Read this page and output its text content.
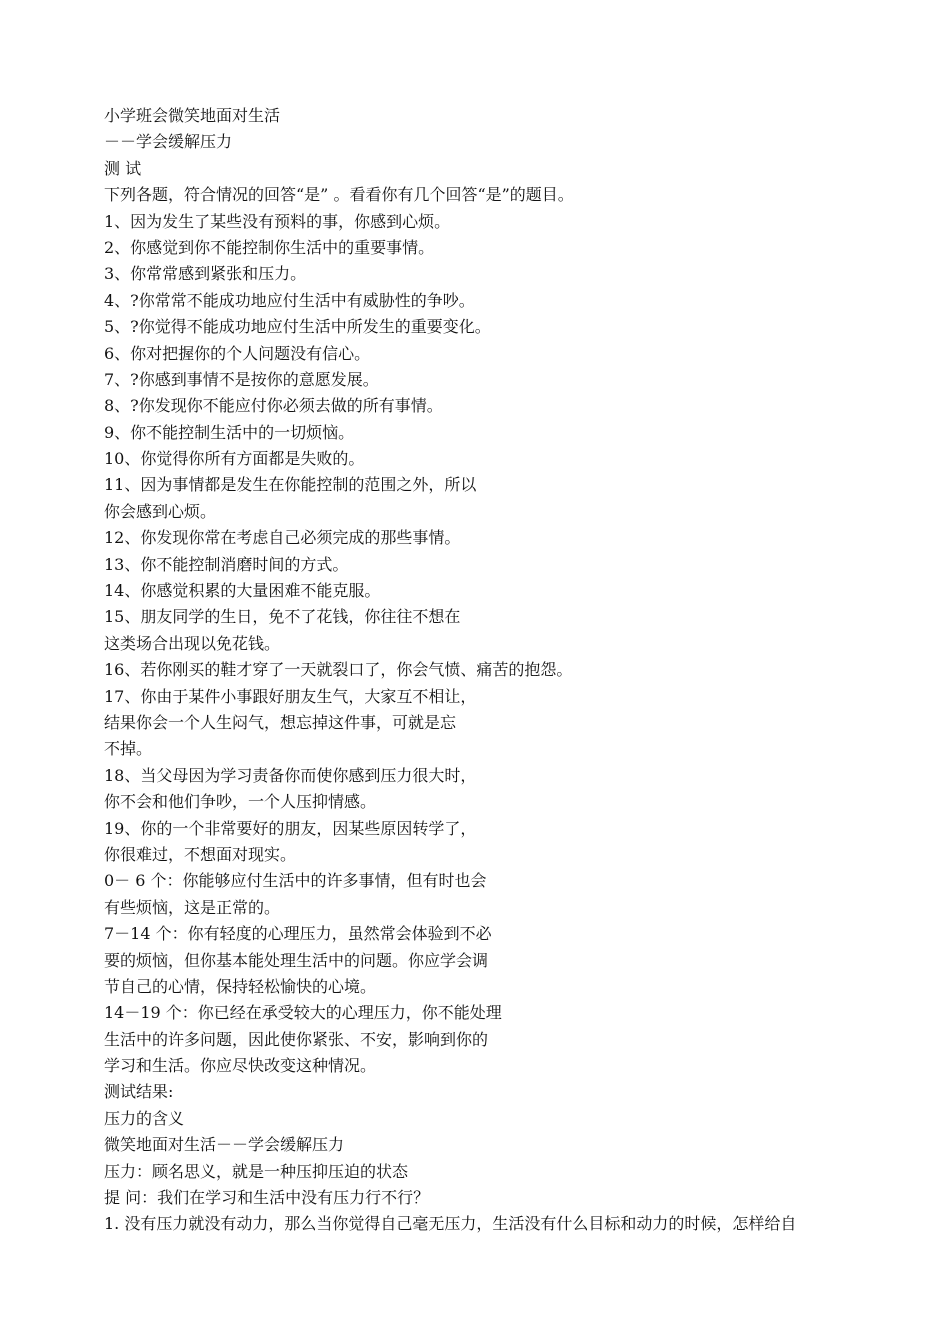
小学班会微笑地面对生活
－－学会缓解压力
测 试
下列各题，符合情况的回答“是” 。看看你有几个回答“是”的题目。
1、因为发生了某些没有预料的事，你感到心烦。
2、你感觉到你不能控制你生活中的重要事情。
3、你常常感到紧张和压力。
4、?你常常不能成功地应付生活中有威胁性的争吵。
5、?你觉得不能成功地应付生活中所发生的重要变化。
6、你对把握你的个人问题没有信心。
7、?你感到事情不是按你的意愿发展。
8、?你发现你不能应付你必须去做的所有事情。
9、你不能控制生活中的一切烦恼。
10、你觉得你所有方面都是失败的。
11、因为事情都是发生在你能控制的范围之外，所以
你会感到心烦。
12、你发现你常在考虑自己必须完成的那些事情。
13、你不能控制消磨时间的方式。
14、你感觉积累的大量困难不能克服。
15、朋友同学的生日，免不了花钱，你往往不想在
这类场合出现以免花钱。
16、若你刚买的鞋才穿了一天就裂口了，你会气愤、痛苦的抱怨。
17、你由于某件小事跟好朋友生气，大家互不相让，
结果你会一个人生闷气，想忘掉这件事，可就是忘
不掉。
18、当父母因为学习责备你而使你感到压力很大时，
你不会和他们争吵，一个人压抑情感。
19、你的一个非常要好的朋友，因某些原因转学了，
你很难过，不想面对现实。
0－ 6 个：你能够应付生活中的许多事情，但有时也会
有些烦恼，这是正常的。
7－14 个：你有轻度的心理压力，虽然常会体验到不必
要的烦恼，但你基本能处理生活中的问题。你应学会调
节自己的心情，保持轻松愉快的心境。
14－19 个：你已经在承受较大的心理压力，你不能处理
生活中的许多问题，因此使你紧张、不安，影响到你的
学习和生活。你应尽快改变这种情况。
测试结果:
压力的含义
微笑地面对生活－－学会缓解压力
压力：顾名思义，就是一种压抑压迫的状态
提 问：我们在学习和生活中没有压力行不行？
1. 没有压力就没有动力，那么当你觉得自己毫无压力，生活没有什么目标和动力的时候，怎样给自
